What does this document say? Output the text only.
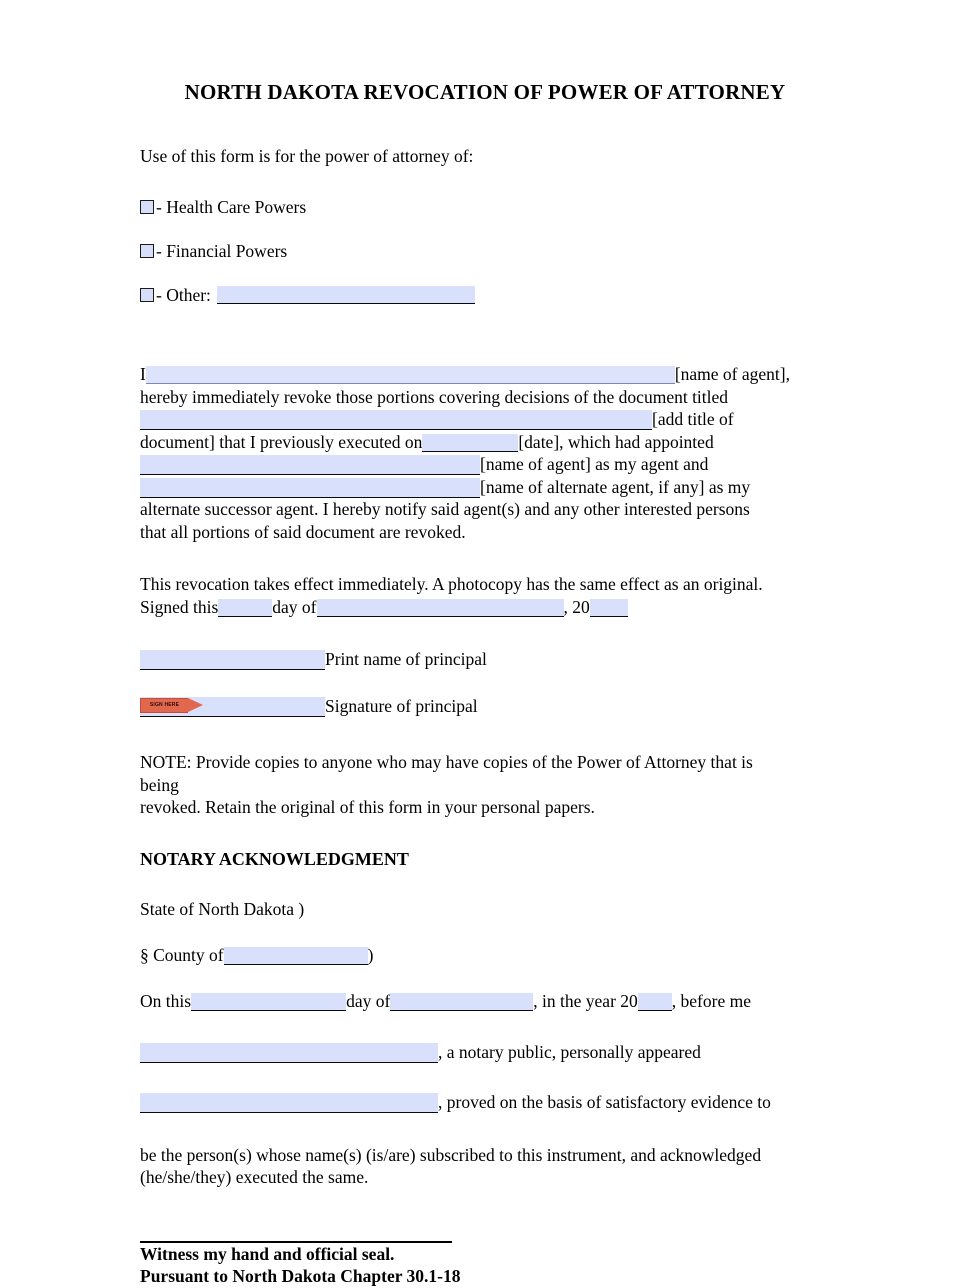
NORTH DAKOTA REVOCATION OF POWER OF ATTORNEY
Use of this form is for the power of attorney of:
- Health Care Powers
- Financial Powers
- Other:
I	[name of agent],
hereby immediately revoke those portions covering decisions of the document titled
[add title of
document] that I previously executed on	[date], which had appointed
[name of agent] as my agent and
[name of alternate agent, if any] as my
alternate successor agent. I hereby notify said agent(s) and any other interested persons
that all portions of said document are revoked.
This revocation takes effect immediately. A photocopy has the same effect as an original.
Signed this	day of	, 20
Print name of principal
SIGN HERE	Signature of principal
NOTE: Provide copies to anyone who may have copies of the Power of Attorney that is
being
revoked. Retain the original of this form in your personal papers.
NOTARY ACKNOWLEDGMENT
State of North Dakota )
§ County of	)
On this	day of	, in the year 20 , before me
, a notary public, personally appeared
, proved on the basis of satisfactory evidence to
be the person(s) whose name(s) (is/are) subscribed to this instrument, and acknowledged
(he/she/they) executed the same.
Witness my hand and official seal.
Pursuant to North Dakota Chapter 30.1-18
